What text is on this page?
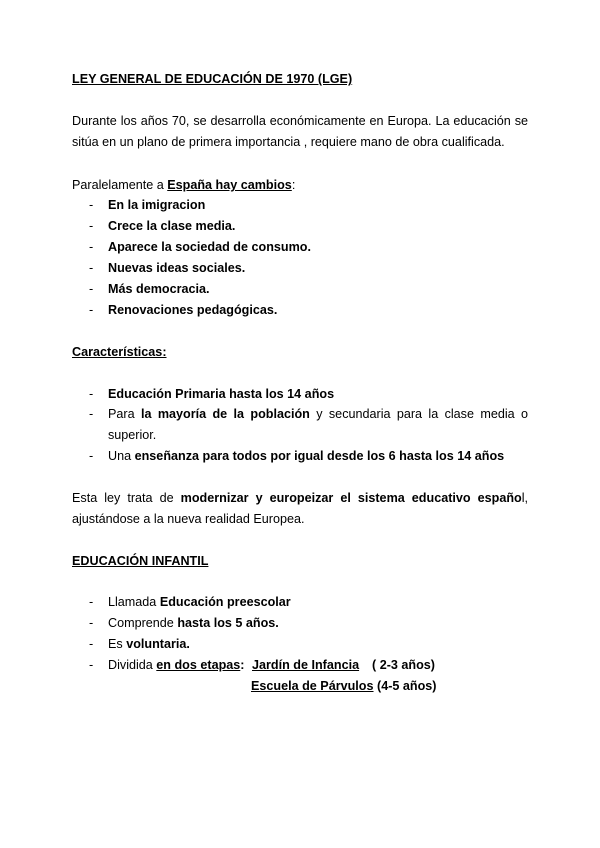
LEY GENERAL DE EDUCACIÓN DE 1970 (LGE)
Durante los años 70, se desarrolla económicamente en Europa. La educación se
sitúa en un plano de primera importancia , requiere mano de obra cualificada.
Paralelamente a España hay cambios:
- En la imigracion
- Crece la clase media.
- Aparece la sociedad de consumo.
- Nuevas ideas sociales.
- Más democracia.
- Renovaciones pedagógicas.
Características:
- Educación Primaria hasta los 14 años
- Para la mayoría de la población y secundaria para la clase media o
superior.
- Una enseñanza para todos por igual desde los 6 hasta los 14 años
Esta ley trata de modernizar y europeizar el sistema educativo español,
ajustándose a la nueva realidad Europea.
EDUCACIÓN INFANTIL
- Llamada Educación preescolar
- Comprende hasta los 5 años.
- Es voluntaria.
- Dividida en dos etapas: Jardín de Infancia ( 2-3 años)
Escuela de Párvulos (4-5 años)
